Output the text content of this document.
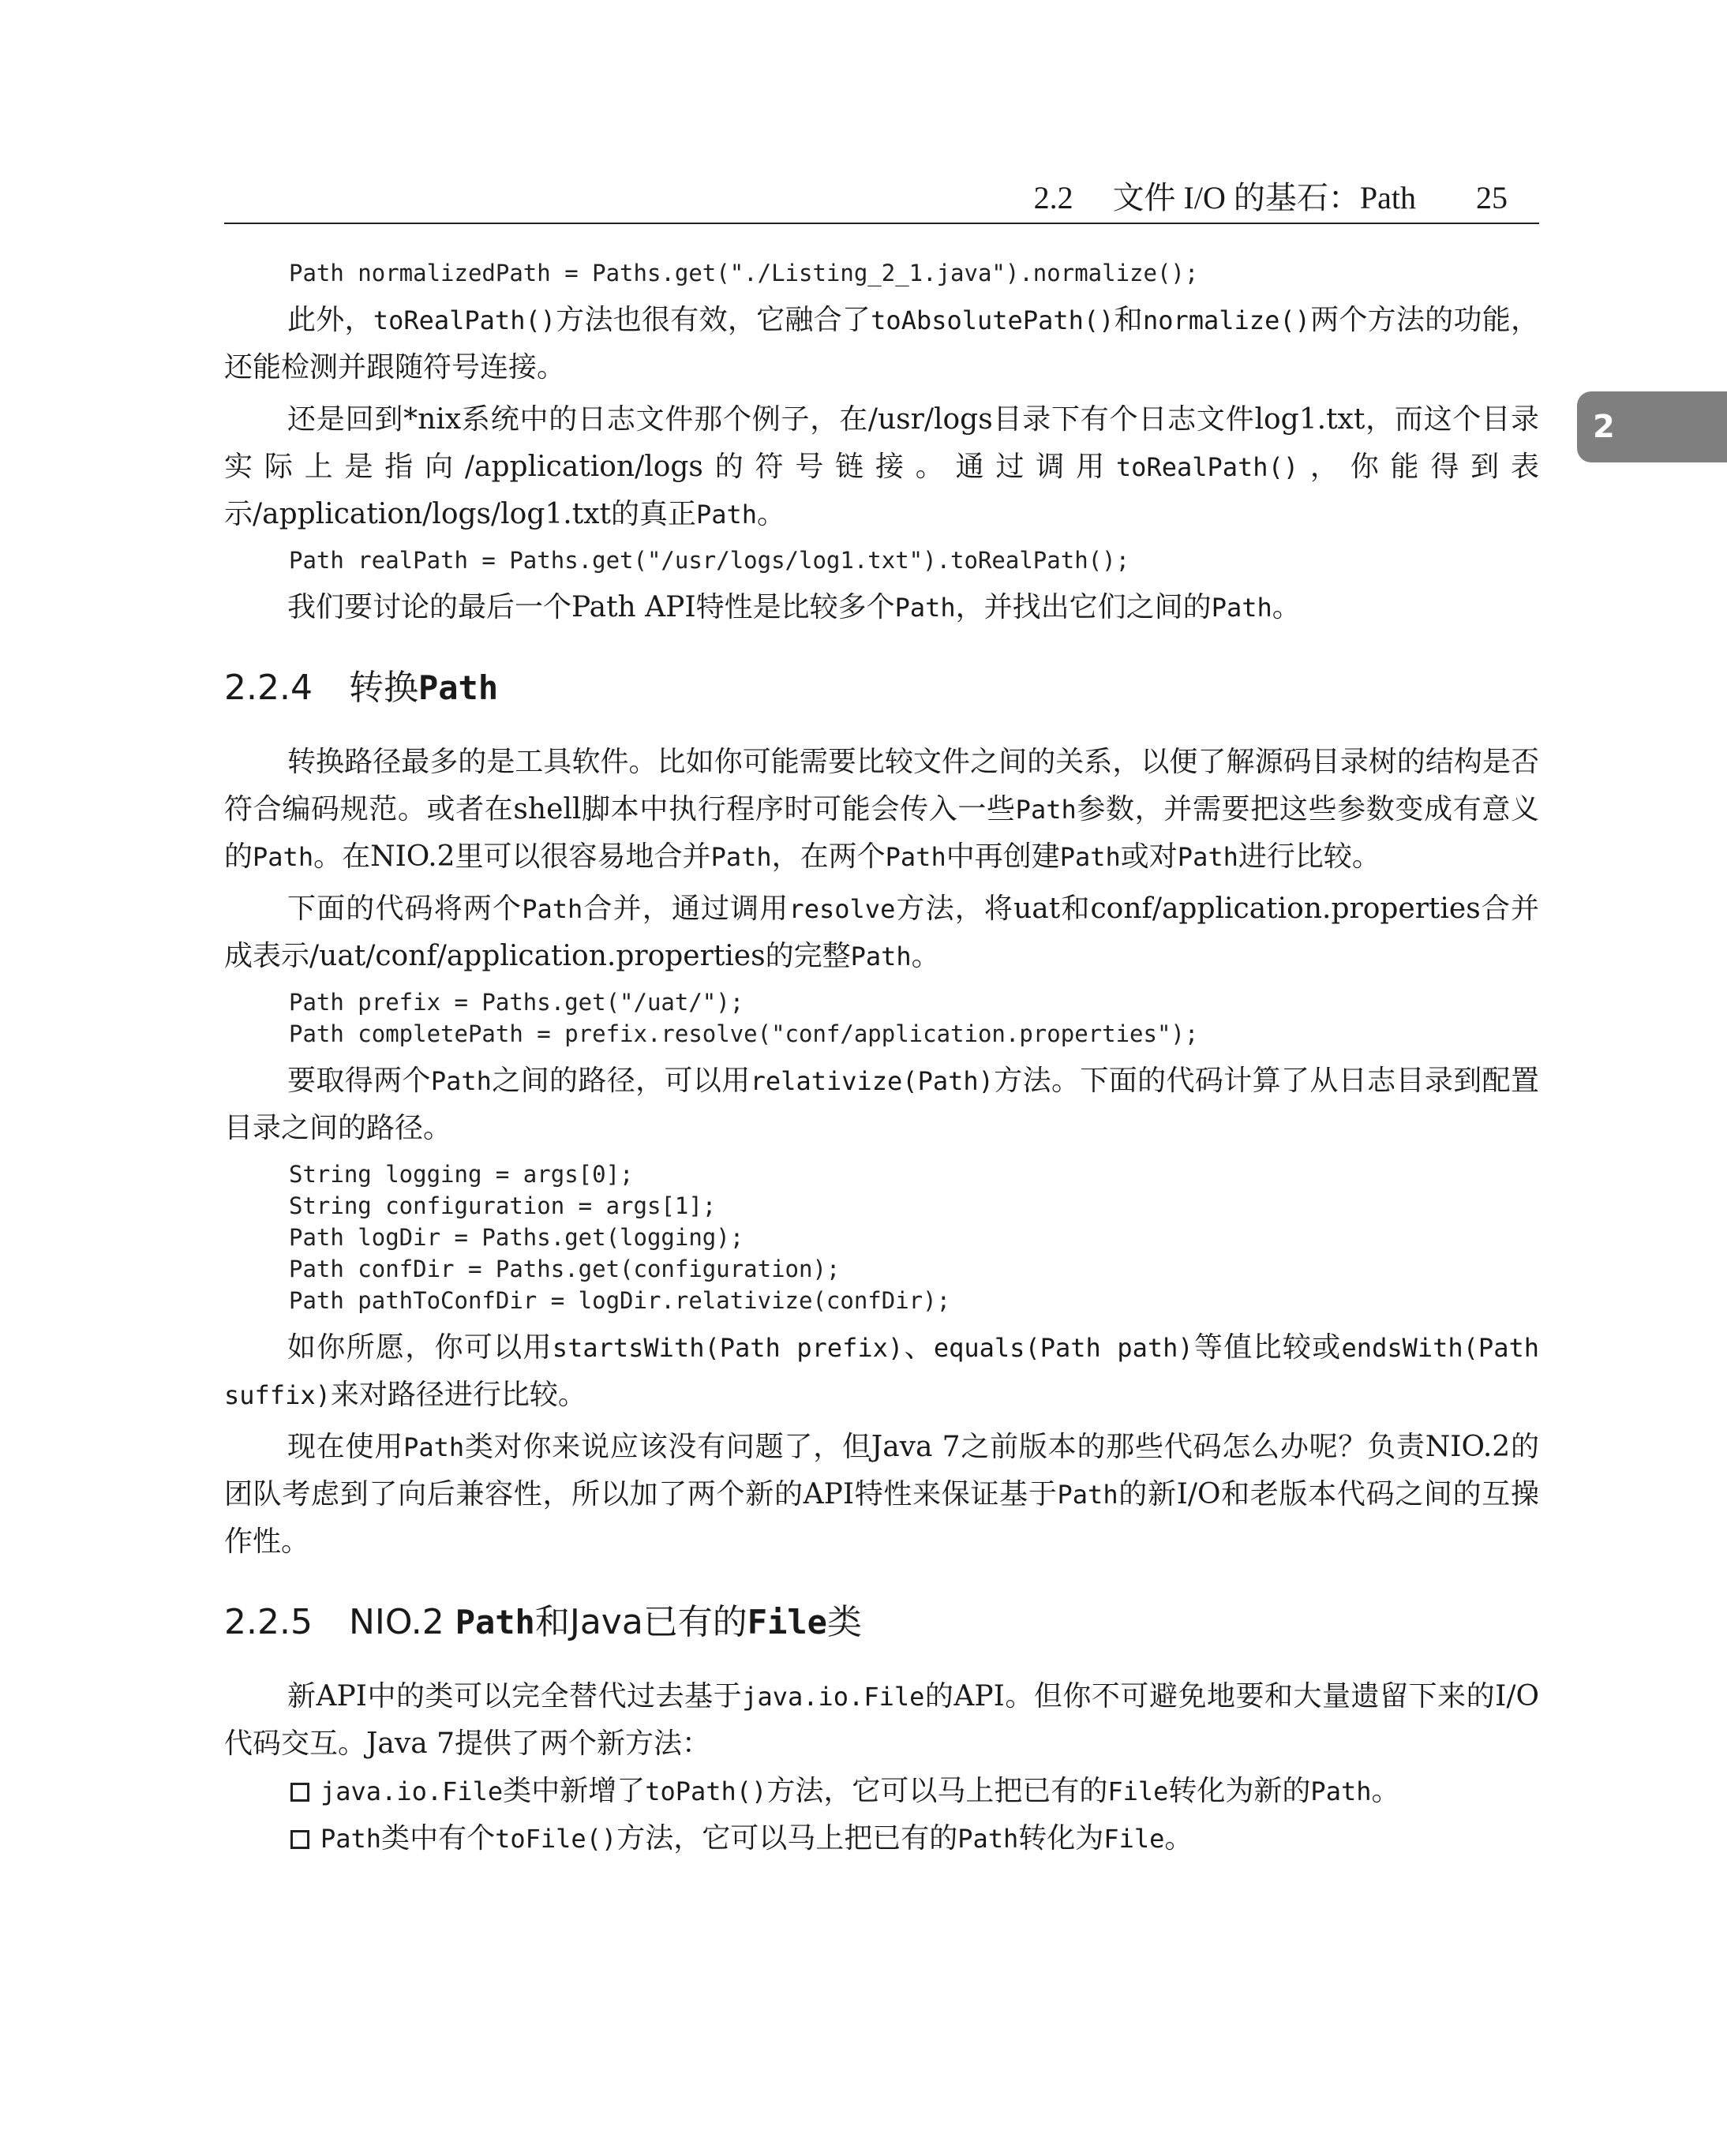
2.2 文件 I/O 的基石：Path 25
2
Path normalizedPath = Paths.get("./Listing_2_1.java").normalize();

此外，toRealPath()方法也很有效，它融合了toAbsolutePath()和normalize()两个方法的功能，还能检测并跟随符号连接。

还是回到*nix系统中的日志文件那个例子，在/usr/logs目录下有个日志文件log1.txt，而这个目录实际上是指向/application/logs的符号链接。通过调用toRealPath()，你能得到表示/application/logs/log1.txt的真正Path。

Path realPath = Paths.get("/usr/logs/log1.txt").toRealPath();

我们要讨论的最后一个Path API特性是比较多个Path，并找出它们之间的Path。

2.2.4 转换Path

转换路径最多的是工具软件。比如你可能需要比较文件之间的关系，以便了解源码目录树的结构是否符合编码规范。或者在shell脚本中执行程序时可能会传入一些Path参数，并需要把这些参数变成有意义的Path。在NIO.2里可以很容易地合并Path，在两个Path中再创建Path或对Path进行比较。

下面的代码将两个Path合并，通过调用resolve方法，将uat和conf/application.properties合并成表示/uat/conf/application.properties的完整Path。

Path prefix = Paths.get("/uat/");
Path completePath = prefix.resolve("conf/application.properties");

要取得两个Path之间的路径，可以用relativize(Path)方法。下面的代码计算了从日志目录到配置目录之间的路径。

String logging = args[0];
String configuration = args[1];
Path logDir = Paths.get(logging);
Path confDir = Paths.get(configuration);
Path pathToConfDir = logDir.relativize(confDir);

如你所愿，你可以用startsWith(Path prefix)、equals(Path path)等值比较或endsWith(Path suffix)来对路径进行比较。

现在使用Path类对你来说应该没有问题了，但Java 7之前版本的那些代码怎么办呢？负责NIO.2的团队考虑到了向后兼容性，所以加了两个新的API特性来保证基于Path的新I/O和老版本代码之间的互操作性。

2.2.5 NIO.2 Path和Java已有的File类

新API中的类可以完全替代过去基于java.io.File的API。但你不可避免地要和大量遗留下来的I/O代码交互。Java 7提供了两个新方法：

java.io.File类中新增了toPath()方法，它可以马上把已有的File转化为新的Path。
Path类中有个toFile()方法，它可以马上把已有的Path转化为File。
